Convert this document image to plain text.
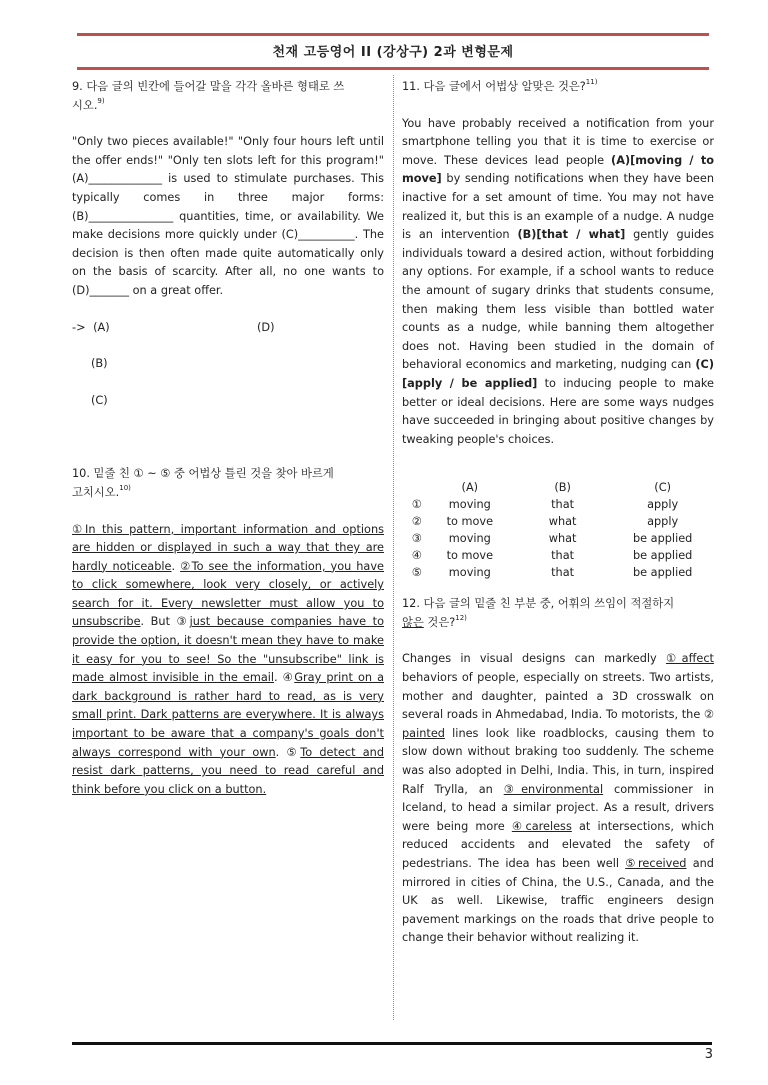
천재 고등영어 II (강상구) 2과 변형문제

9. 다음 글의 빈칸에 들어갈 말을 각각 올바른 형태로 쓰
시오.$^{9)}$

"Only two pieces available!" "Only four hours left until the offer ends!" "Only ten slots left for this program!" (A)_____________ is used to stimulate purchases. This typically comes in three major forms: (B)_______________ quantities, time, or availability. We make decisions more quickly under (C)__________. The decision is then often made quite automatically only on the basis of scarcity. After all, no one wants to (D)_______ on a great offer.

-> (A)	(D)

(B)

(C)

10. 밑줄 친 ① ~ ⑤ 중 어법상 틀린 것을 찾아 바르게
고치시오.$^{10)}$

①In this pattern, important information and options are hidden or displayed in such a way that they are hardly noticeable. ②To see the information, you have to click somewhere, look very closely, or actively search for it. Every newsletter must allow you to unsubscribe. But ③just because companies have to provide the option, it doesn't mean they have to make it easy for you to see! So the "unsubscribe" link is made almost invisible in the email. ④Gray print on a dark background is rather hard to read, as is very small print. Dark patterns are everywhere. It is always important to be aware that a company's goals don't always correspond with your own. ⑤To detect and resist dark patterns, you need to read careful and think before you click on a button.

11. 다음 글에서 어법상 알맞은 것은?$^{11)}$

You have probably received a notification from your smartphone telling you that it is time to exercise or move. These devices lead people (A)[moving / to move] by sending notifications when they have been inactive for a set amount of time. You may not have realized it, but this is an example of a nudge. A nudge is an intervention (B)[that / what] gently guides individuals toward a desired action, without forbidding any options. For example, if a school wants to reduce the amount of sugary drinks that students consume, then making them less visible than bottled water counts as a nudge, while banning them altogether does not. Having been studied in the domain of behavioral economics and marketing, nudging can (C)[apply / be applied] to inducing people to make better or ideal decisions. Here are some ways nudges have succeeded in bringing about positive changes by tweaking people's choices.

	(A)	(B)	(C)
①	moving	that	apply
②	to move	what	apply
③	moving	what	be applied
④	to move	that	be applied
⑤	moving	that	be applied

12. 다음 글의 밑줄 친 부분 중, 어휘의 쓰임이 적절하지
않은 것은?$^{12)}$

Changes in visual designs can markedly ①affect behaviors of people, especially on streets. Two artists, mother and daughter, painted a 3D crosswalk on several roads in Ahmedabad, India. To motorists, the ② painted lines look like roadblocks, causing them to slow down without braking too suddenly. The scheme was also adopted in Delhi, India. This, in turn, inspired Ralf Trylla, an ③environmental commissioner in Iceland, to head a similar project. As a result, drivers were being more ④careless at intersections, which reduced accidents and elevated the safety of pedestrians. The idea has been well ⑤received and mirrored in cities of China, the U.S., Canada, and the UK as well. Likewise, traffic engineers design pavement markings on the roads that drive people to change their behavior without realizing it.

3
